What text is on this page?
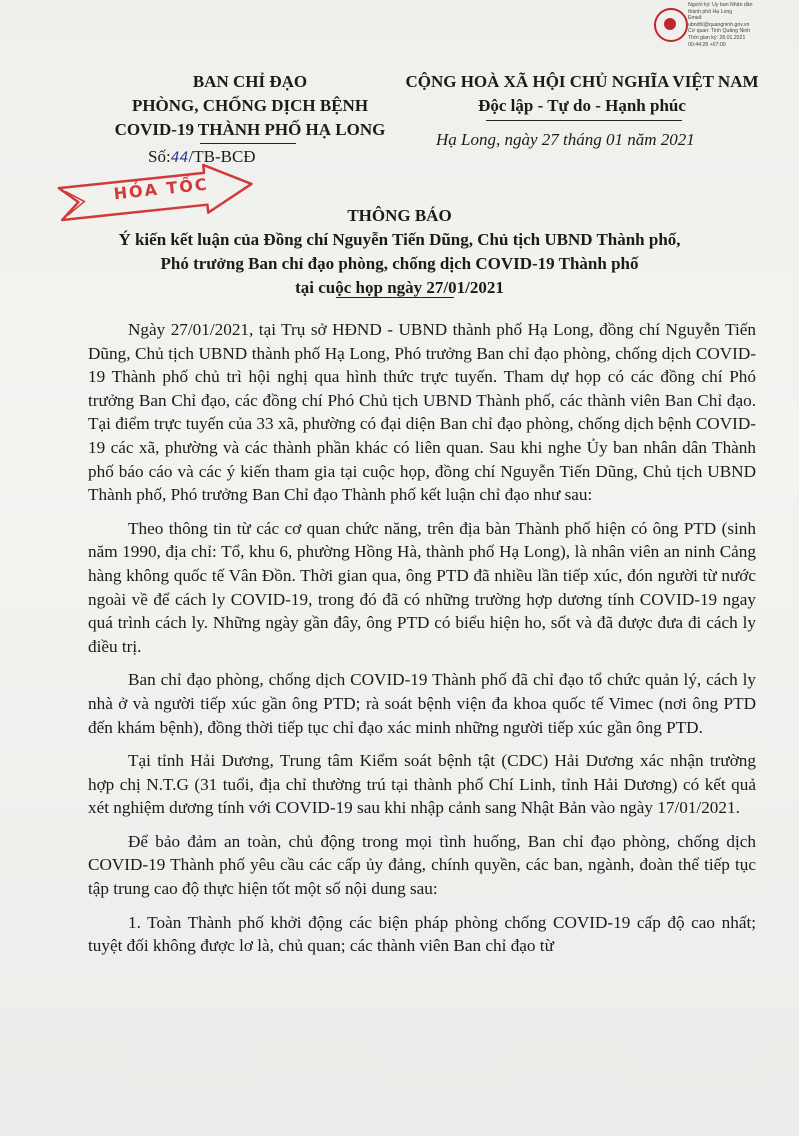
Người ký: Ủy ban Nhân dân
thành phố Hạ Long
Email:
ubndhl@quangninh.gov.vn
Cơ quan: Tỉnh Quảng Ninh
Thời gian ký: 28.01.2021
00:44:28 +07:00
BAN CHỈ ĐẠO
PHÒNG, CHỐNG DỊCH BỆNH
COVID-19 THÀNH PHỐ HẠ LONG
CỘNG HOÀ XÃ HỘI CHỦ NGHĨA VIỆT NAM
Độc lập - Tự do - Hạnh phúc
Hạ Long, ngày 27 tháng 01 năm 2021
Số:44/TB-BCĐ
HỎA TỐC
THÔNG BÁO
Ý kiến kết luận của Đồng chí Nguyễn Tiến Dũng, Chủ tịch UBND Thành phố,
Phó trưởng Ban chỉ đạo phòng, chống dịch COVID-19 Thành phố
tại cuộc họp ngày 27/01/2021

Ngày 27/01/2021, tại Trụ sở HĐND - UBND thành phố Hạ Long, đồng chí Nguyễn Tiến Dũng, Chủ tịch UBND thành phố Hạ Long, Phó trưởng Ban chỉ đạo phòng, chống dịch COVID-19 Thành phố chủ trì hội nghị qua hình thức trực tuyến. Tham dự họp có các đồng chí Phó trưởng Ban Chỉ đạo, các đồng chí Phó Chủ tịch UBND Thành phố, các thành viên Ban Chỉ đạo. Tại điểm trực tuyến của 33 xã, phường có đại diện Ban chỉ đạo phòng, chống dịch bệnh COVID-19 các xã, phường và các thành phần khác có liên quan. Sau khi nghe Ủy ban nhân dân Thành phố báo cáo và các ý kiến tham gia tại cuộc họp, đồng chí Nguyễn Tiến Dũng, Chủ tịch UBND Thành phố, Phó trưởng Ban Chỉ đạo Thành phố kết luận chỉ đạo như sau:

Theo thông tin từ các cơ quan chức năng, trên địa bàn Thành phố hiện có ông PTD (sinh năm 1990, địa chỉ: Tổ, khu 6, phường Hồng Hà, thành phố Hạ Long), là nhân viên an ninh Cảng hàng không quốc tế Vân Đồn. Thời gian qua, ông PTD đã nhiều lần tiếp xúc, đón người từ nước ngoài về để cách ly COVID-19, trong đó đã có những trường hợp dương tính COVID-19 ngay quá trình cách ly. Những ngày gần đây, ông PTD có biểu hiện ho, sốt và đã được đưa đi cách ly điều trị.

Ban chỉ đạo phòng, chống dịch COVID-19 Thành phố đã chỉ đạo tổ chức quản lý, cách ly nhà ở và người tiếp xúc gần ông PTD; rà soát bệnh viện đa khoa quốc tế Vimec (nơi ông PTD đến khám bệnh), đồng thời tiếp tục chỉ đạo xác minh những người tiếp xúc gần ông PTD.

Tại tỉnh Hải Dương, Trung tâm Kiểm soát bệnh tật (CDC) Hải Dương xác nhận trường hợp chị N.T.G (31 tuổi, địa chỉ thường trú tại thành phố Chí Linh, tỉnh Hải Dương) có kết quả xét nghiệm dương tính với COVID-19 sau khi nhập cảnh sang Nhật Bản vào ngày 17/01/2021.

Để bảo đảm an toàn, chủ động trong mọi tình huống, Ban chỉ đạo phòng, chống dịch COVID-19 Thành phố yêu cầu các cấp ủy đảng, chính quyền, các ban, ngành, đoàn thể tiếp tục tập trung cao độ thực hiện tốt một số nội dung sau:

1. Toàn Thành phố khởi động các biện pháp phòng chống COVID-19 cấp độ cao nhất; tuyệt đối không được lơ là, chủ quan; các thành viên Ban chỉ đạo từ
